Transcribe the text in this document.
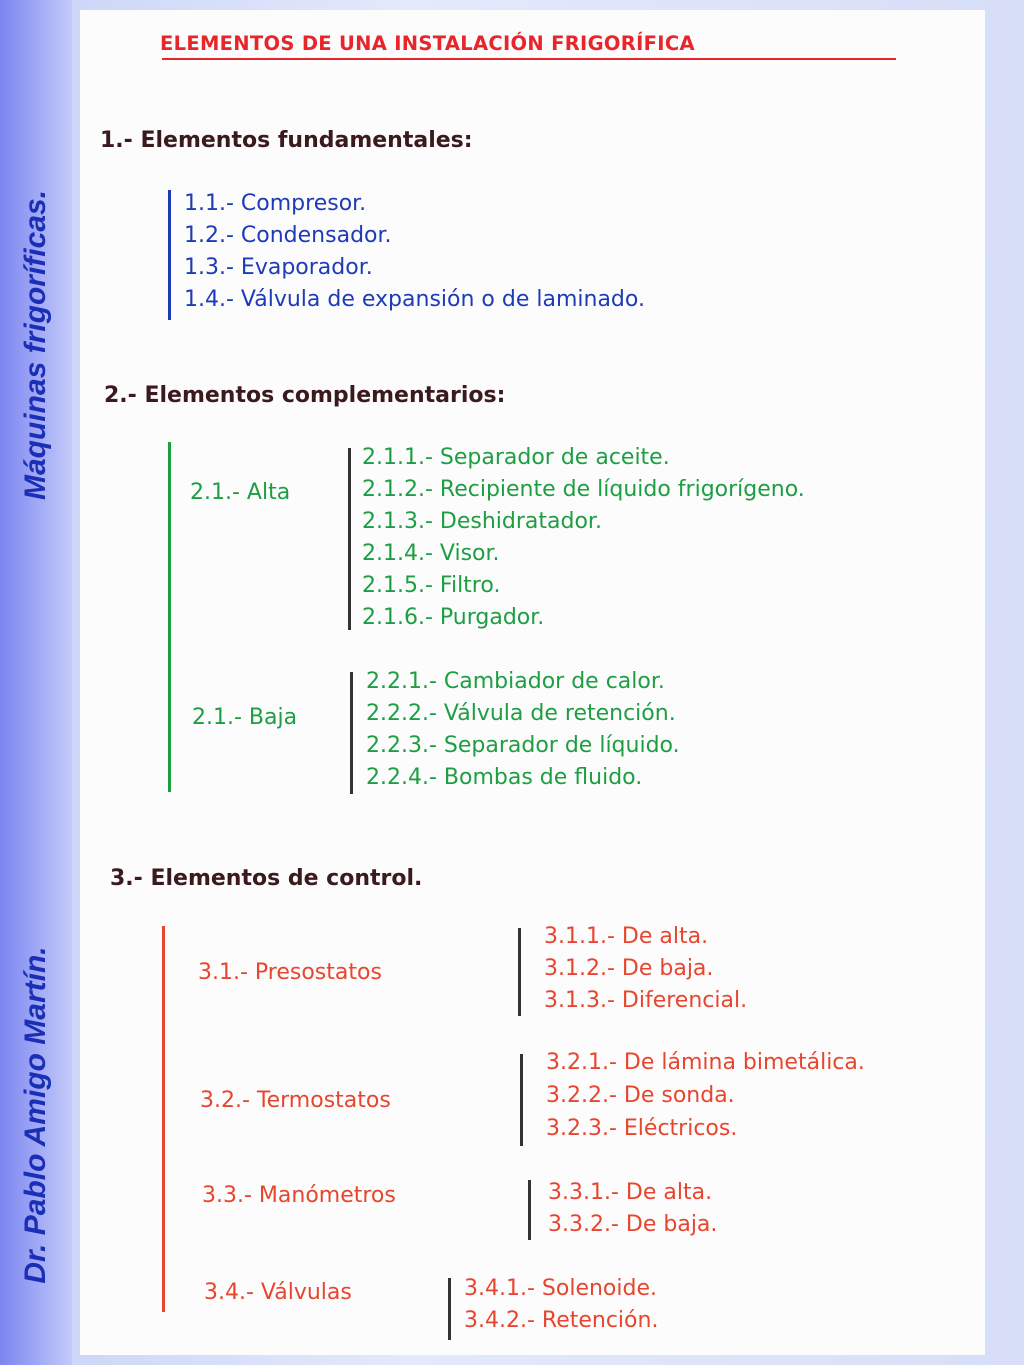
Máquinas frigoríficas.
Dr. Pablo Amigo Martín.
ELEMENTOS DE UNA INSTALACIÓN FRIGORÍFICA
1.- Elementos fundamentales:
1.1.- Compresor.
1.2.- Condensador.
1.3.- Evaporador.
1.4.- Válvula de expansión o de laminado.
2.- Elementos complementarios:
2.1.- Alta
2.1.1.- Separador de aceite.
2.1.2.- Recipiente de líquido frigorígeno.
2.1.3.- Deshidratador.
2.1.4.- Visor.
2.1.5.- Filtro.
2.1.6.- Purgador.
2.1.- Baja
2.2.1.- Cambiador de calor.
2.2.2.- Válvula de retención.
2.2.3.- Separador de líquido.
2.2.4.- Bombas de fluido.
3.- Elementos de control.
3.1.- Presostatos
3.1.1.- De alta.
3.1.2.- De baja.
3.1.3.- Diferencial.
3.2.- Termostatos
3.2.1.- De lámina bimetálica.
3.2.2.- De sonda.
3.2.3.- Eléctricos.
3.3.- Manómetros	3.3.1.- De alta.
3.3.2.- De baja.
3.4.- Válvulas	3.4.1.- Solenoide.
3.4.2.- Retención.
